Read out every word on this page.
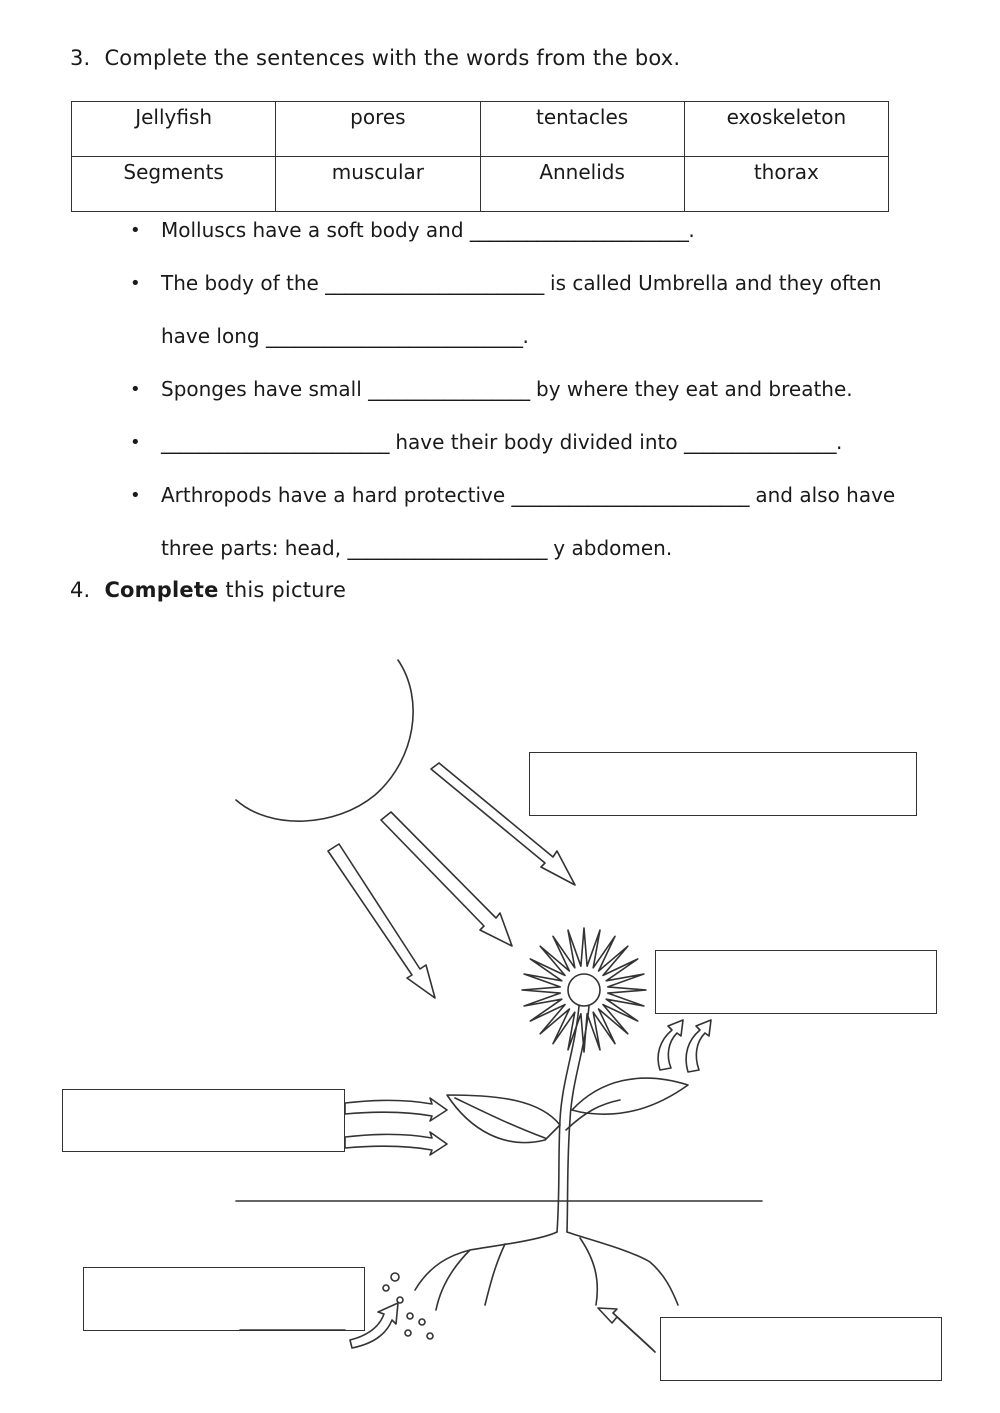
3. Complete the sentences with the words from the box.
Jellyfish	pores	tentacles	exoskeleton
Segments	muscular	Annelids	thorax
• Molluscs have a soft body and _______________________.
• The body of the _______________________ is called Umbrella and they often
have long ___________________________.
• Sponges have small _________________ by where they eat and breathe.
• ________________________ have their body divided into ________________.
• Arthropods have a hard protective _________________________ and also have
three parts: head, _____________________ y abdomen.
4. Complete this picture
